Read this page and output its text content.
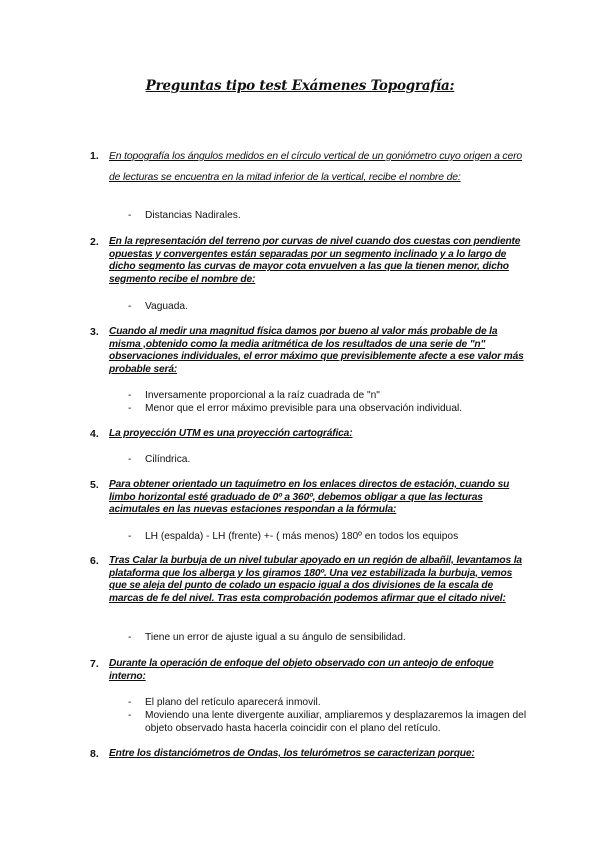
Preguntas tipo test Exámenes Topografía:
1. En topografía los ángulos medidos en el círculo vertical de un goniómetro cuyo origen a cero de lecturas se encuentra en la mitad inferior de la vertical, recibe el nombre de:
- Distancias Nadirales.
2. En la representación del terreno por curvas de nivel cuando dos cuestas con pendiente opuestas y convergentes están separadas por un segmento inclinado y a lo largo de dicho segmento las curvas de mayor cota envuelven a las que la tienen menor, dicho segmento recibe el nombre de:
- Vaguada.
3. Cuando al medir una magnitud física damos por bueno al valor más probable de la misma ,obtenido como la media aritmética de los resultados de una serie de "n" observaciones individuales, el error máximo que previsiblemente afecte a ese valor más probable será:
- Inversamente proporcional a la raíz cuadrada de "n"
- Menor que el error máximo previsible para una observación individual.
4. La proyección UTM es una proyección cartográfica:
- Cilíndrica.
5. Para obtener orientado un taquímetro en los enlaces directos de estación, cuando su limbo horizontal esté graduado de 0º a 360º, debemos obligar a que las lecturas acimutales en las nuevas estaciones respondan a la fórmula:
- LH (espalda) - LH (frente) +- ( más menos) 180º en todos los equipos
6. Tras Calar la burbuja de un nivel tubular apoyado en un región de albañil, levantamos la plataforma que los alberga y los giramos 180º. Una vez estabilizada la burbuja, vemos que se aleja del punto de colado un espacio igual a dos divisiones de la escala de marcas de fe del nivel. Tras esta comprobación podemos afirmar que el citado nivel:
- Tiene un error de ajuste igual a su ángulo de sensibilidad.
7. Durante la operación de enfoque del objeto observado con un anteojo de enfoque interno:
- El plano del retículo aparecerá inmovil.
- Moviendo una lente divergente auxiliar, ampliaremos y desplazaremos la imagen del objeto observado hasta hacerla coincidir con el plano del retículo.
8. Entre los distanciómetros de Ondas, los telurómetros se caracterizan porque:
